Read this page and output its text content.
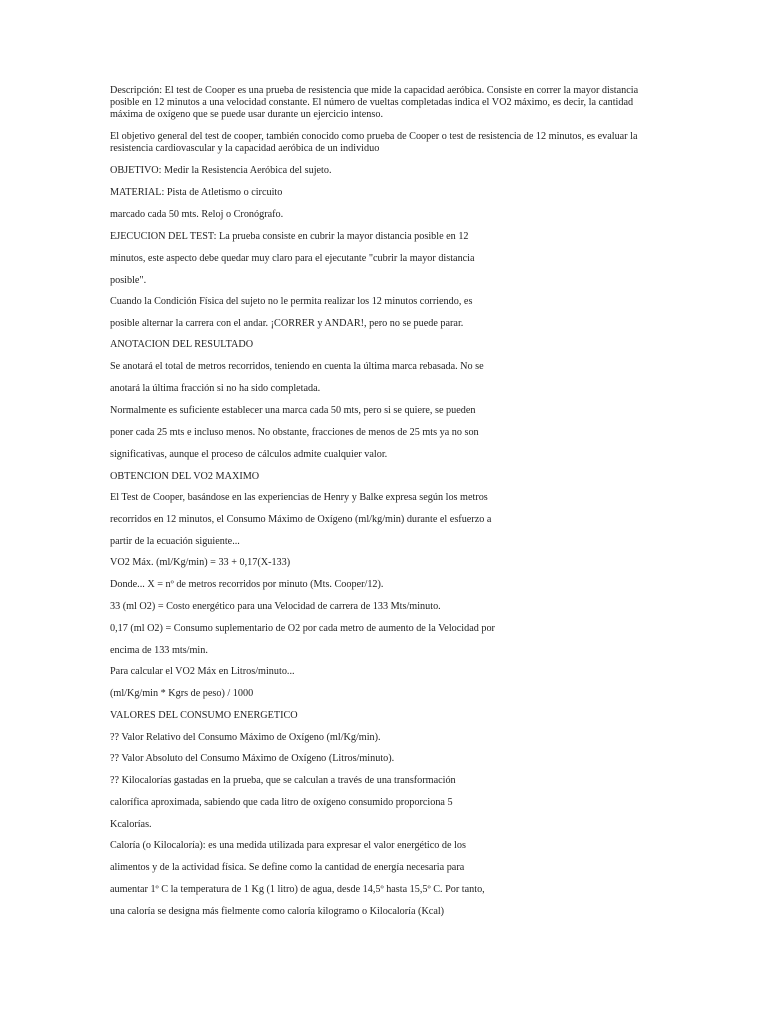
Descripción: El test de Cooper es una prueba de resistencia que mide la capacidad aeróbica. Consiste en correr la mayor distancia posible en 12 minutos a una velocidad constante. El número de vueltas completadas indica el VO2 máximo, es decir, la cantidad máxima de oxígeno que se puede usar durante un ejercicio intenso.

El objetivo general del test de cooper, también conocido como prueba de Cooper o test de resistencia de 12 minutos, es evaluar la resistencia cardiovascular y la capacidad aeróbica de un individuo

OBJETIVO: Medir la Resistencia Aeróbica del sujeto.

MATERIAL: Pista de Atletismo o circuito

marcado cada 50 mts. Reloj o Cronógrafo.

EJECUCION DEL TEST: La prueba consiste en cubrir la mayor distancia posible en 12

minutos, este aspecto debe quedar muy claro para el ejecutante "cubrir la mayor distancia

posible".

Cuando la Condición Física del sujeto no le permita realizar los 12 minutos corriendo, es

posible alternar la carrera con el andar. ¡CORRER y ANDAR!, pero no se puede parar.

ANOTACION DEL RESULTADO

Se anotará el total de metros recorridos, teniendo en cuenta la última marca rebasada. No se

anotará la última fracción si no ha sido completada.

Normalmente es suficiente establecer una marca cada 50 mts, pero si se quiere, se pueden

poner cada 25 mts e incluso menos. No obstante, fracciones de menos de 25 mts ya no son

significativas, aunque el proceso de cálculos admite cualquier valor.

OBTENCION DEL VO2 MAXIMO

El Test de Cooper, basándose en las experiencias de Henry y Balke expresa según los metros

recorridos en 12 minutos, el Consumo Máximo de Oxígeno (ml/kg/min) durante el esfuerzo a

partir de la ecuación siguiente...

VO2 Máx. (ml/Kg/min) = 33 + 0,17(X-133)

Donde... X = nº de metros recorridos por minuto (Mts. Cooper/12).

33 (ml O2) = Costo energético para una Velocidad de carrera de 133 Mts/minuto.

0,17 (ml O2) = Consumo suplementario de O2 por cada metro de aumento de la Velocidad por

encima de 133 mts/min.

Para calcular el VO2 Máx en Litros/minuto...

(ml/Kg/min * Kgrs de peso) / 1000

VALORES DEL CONSUMO ENERGETICO

?? Valor Relativo del Consumo Máximo de Oxígeno (ml/Kg/min).

?? Valor Absoluto del Consumo Máximo de Oxígeno (Litros/minuto).

?? Kilocalorías gastadas en la prueba, que se calculan a través de una transformación

calorífica aproximada, sabiendo que cada litro de oxígeno consumido proporciona 5

Kcalorías.

Caloría (o Kilocaloría): es una medida utilizada para expresar el valor energético de los

alimentos y de la actividad física. Se define como la cantidad de energía necesaria para

aumentar 1º C la temperatura de 1 Kg (1 litro) de agua, desde 14,5º hasta 15,5º C. Por tanto,

una caloría se designa más fielmente como caloría kilogramo o Kilocaloría (Kcal)
